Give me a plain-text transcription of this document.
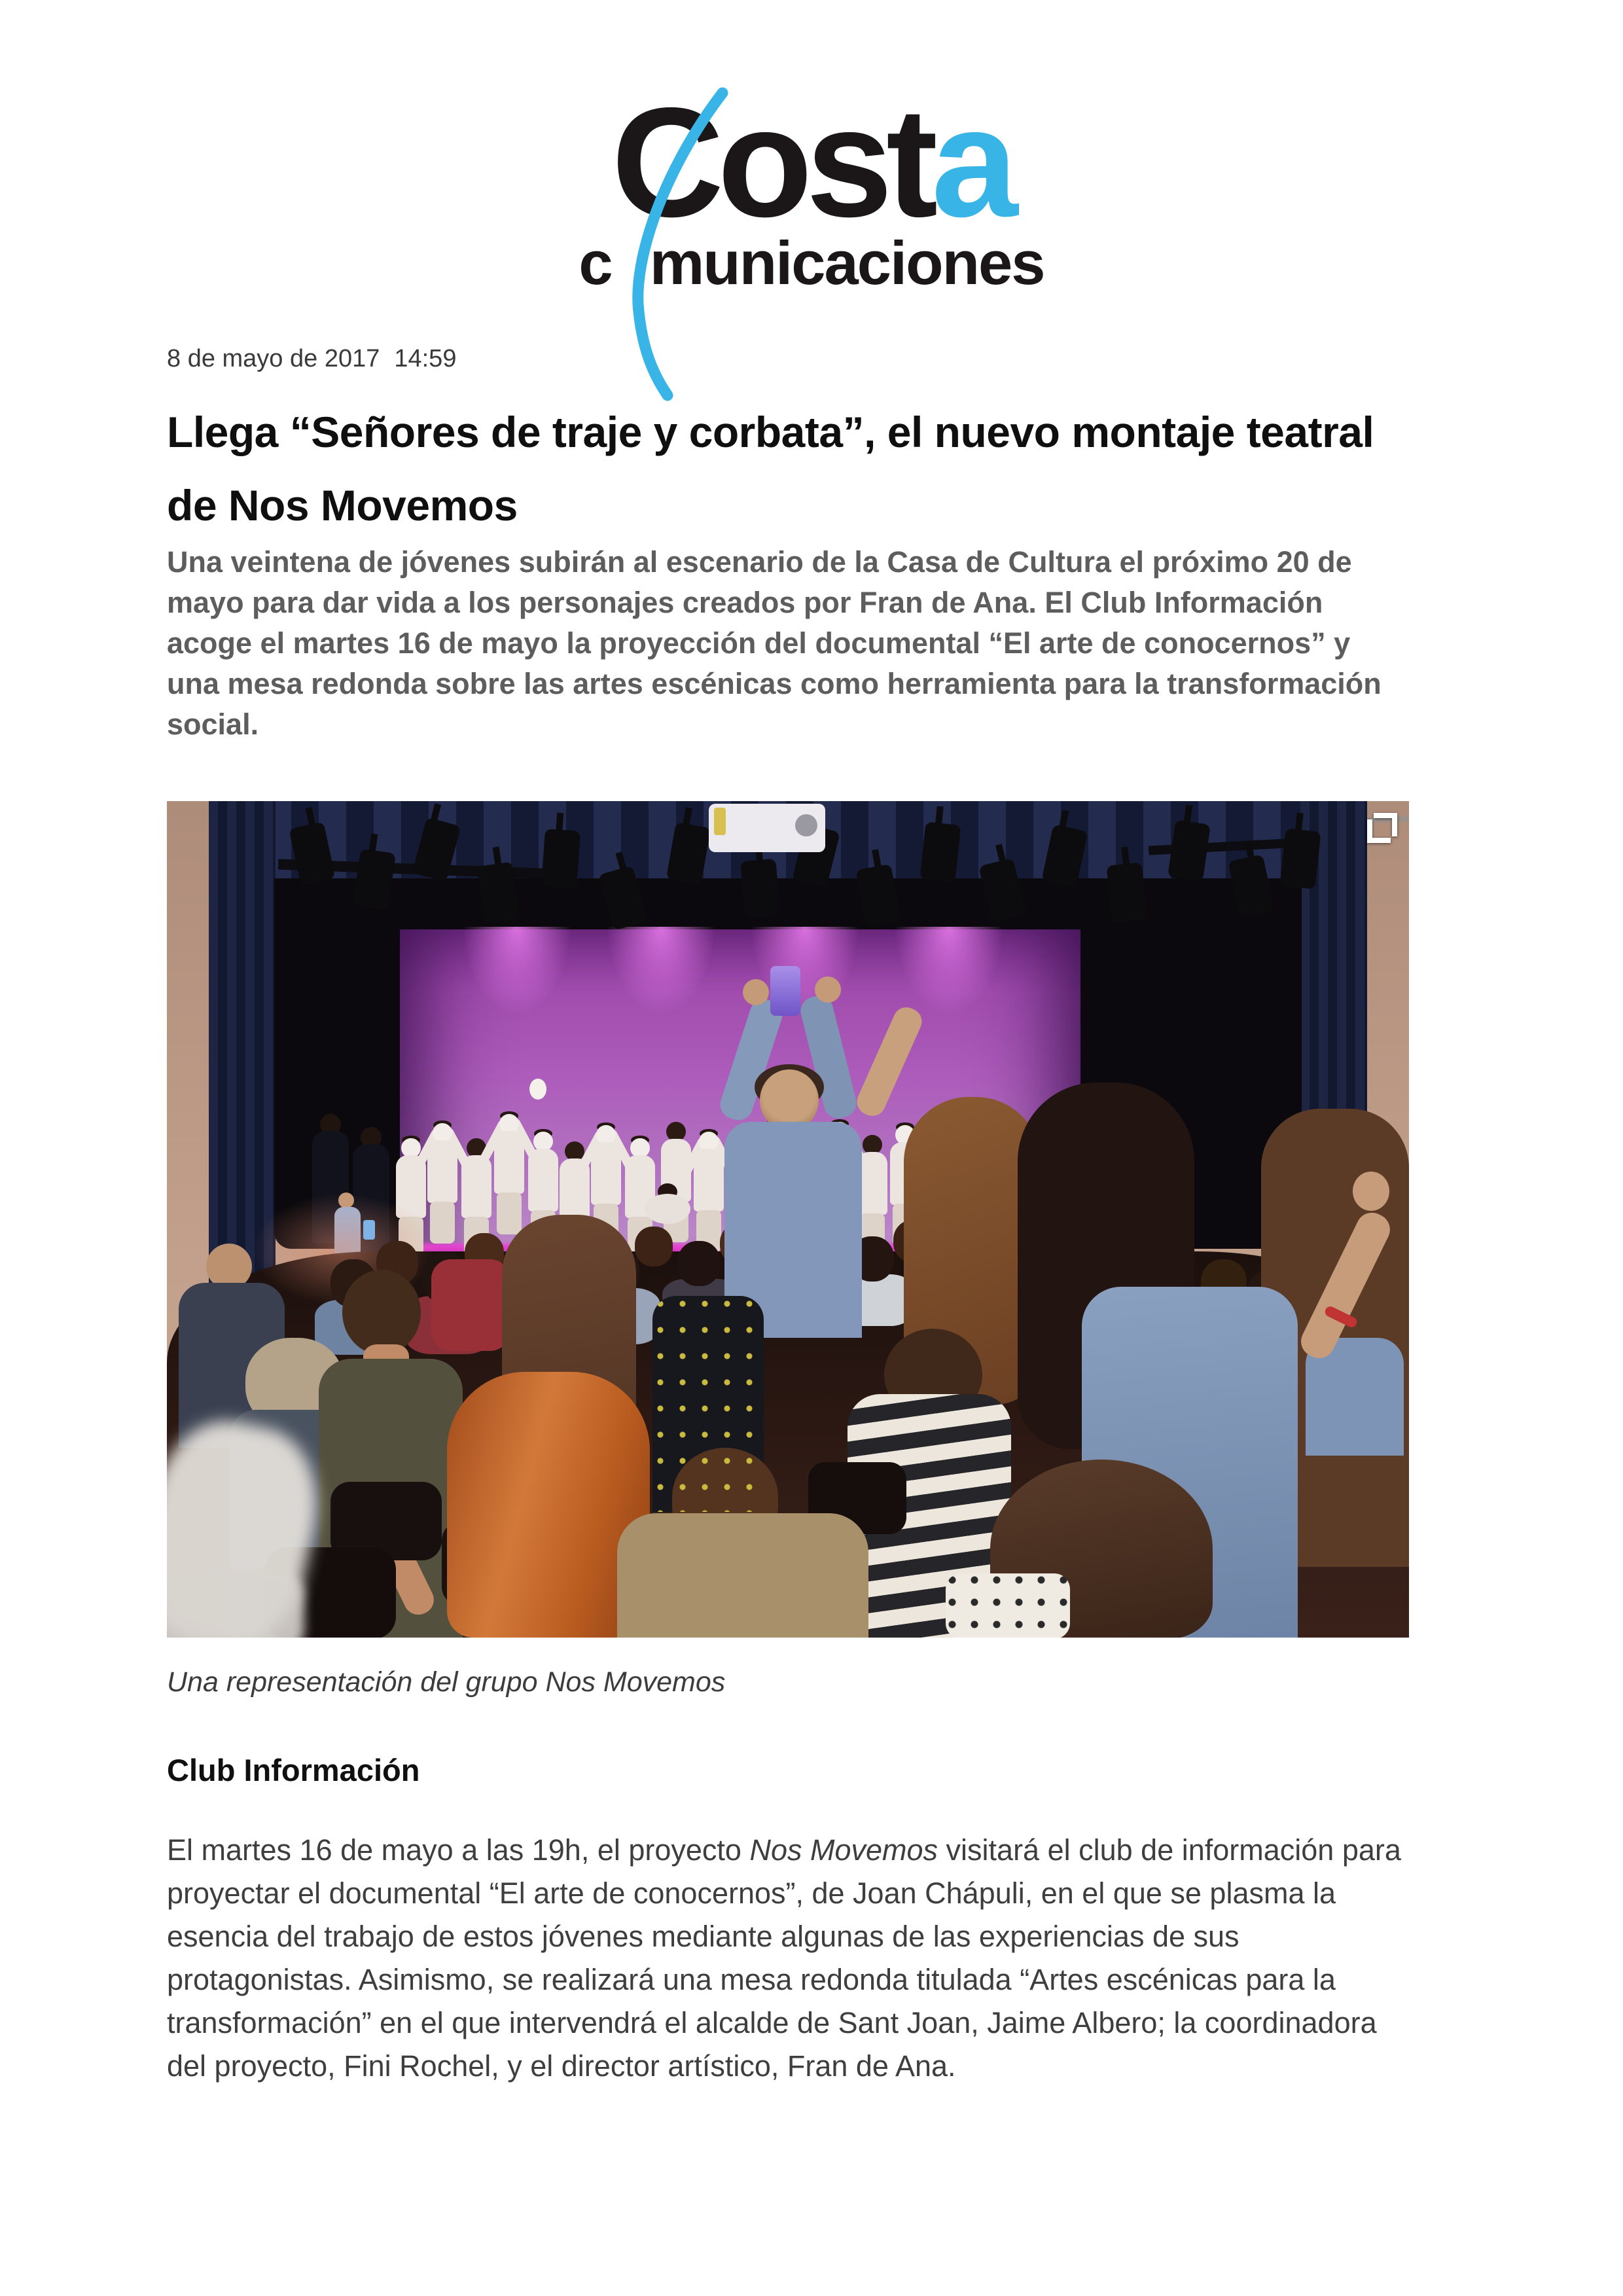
Costa
c municaciones
8 de mayo de 2017 14:59
Llega “Señores de traje y corbata”, el nuevo montaje teatral de Nos Movemos

Una veintena de jóvenes subirán al escenario de la Casa de Cultura el próximo 20 de mayo para dar vida a los personajes creados por Fran de Ana. El Club Información acoge el martes 16 de mayo la proyección del documental “El arte de conocernos” y una mesa redonda sobre las artes escénicas como herramienta para la transformación social.

Una representación del grupo Nos Movemos
Club Información

El martes 16 de mayo a las 19h, el proyecto Nos Movemos visitará el club de información para proyectar el documental “El arte de conocernos”, de Joan Chápuli, en el que se plasma la esencia del trabajo de estos jóvenes mediante algunas de las experiencias de sus protagonistas. Asimismo, se realizará una mesa redonda titulada “Artes escénicas para la transformación” en el que intervendrá el alcalde de Sant Joan, Jaime Albero; la coordinadora del proyecto, Fini Rochel, y el director artístico, Fran de Ana.
